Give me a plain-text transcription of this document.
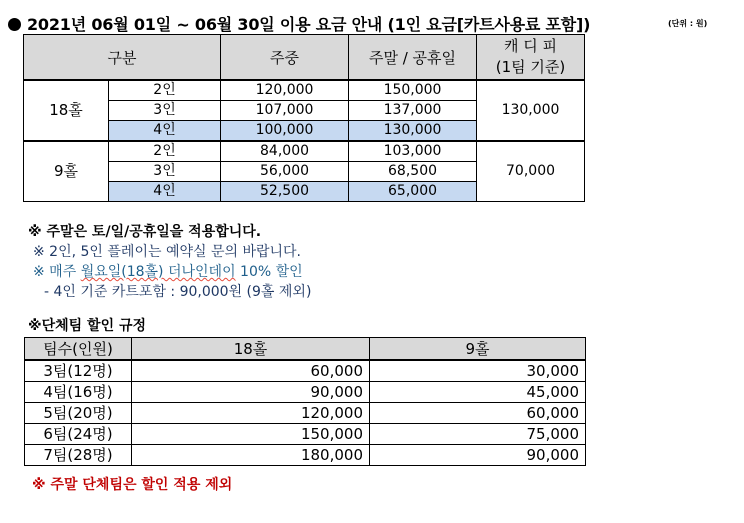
2021년 06월 01일 ~ 06월 30일 이용 요금 안내 (1인 요금[카트사용료 포함])	(단위 : 원)
구분		주중	주말 / 공휴일	캐 디 피
(1팀 기준)
18홀	2인	120,000	150,000	130,000
	3인	107,000	137,000	
	4인	100,000	130,000	
9홀	2인	84,000	103,000	70,000
	3인	56,000	68,500	
	4인	52,500	65,000	
※ 주말은 토/일/공휴일을 적용합니다.
※ 2인, 5인 플레이는 예약실 문의 바랍니다.
※ 매주 월요일(18홀) 더나인데이 10% 할인
- 4인 기준 카트포함 : 90,000원 (9홀 제외)
※단체팀 할인 규정
팀수(인원)	18홀	9홀
3팀(12명)	60,000	30,000
4팀(16명)	90,000	45,000
5팀(20명)	120,000	60,000
6팀(24명)	150,000	75,000
7팀(28명)	180,000	90,000
※ 주말 단체팀은 할인 적용 제외
